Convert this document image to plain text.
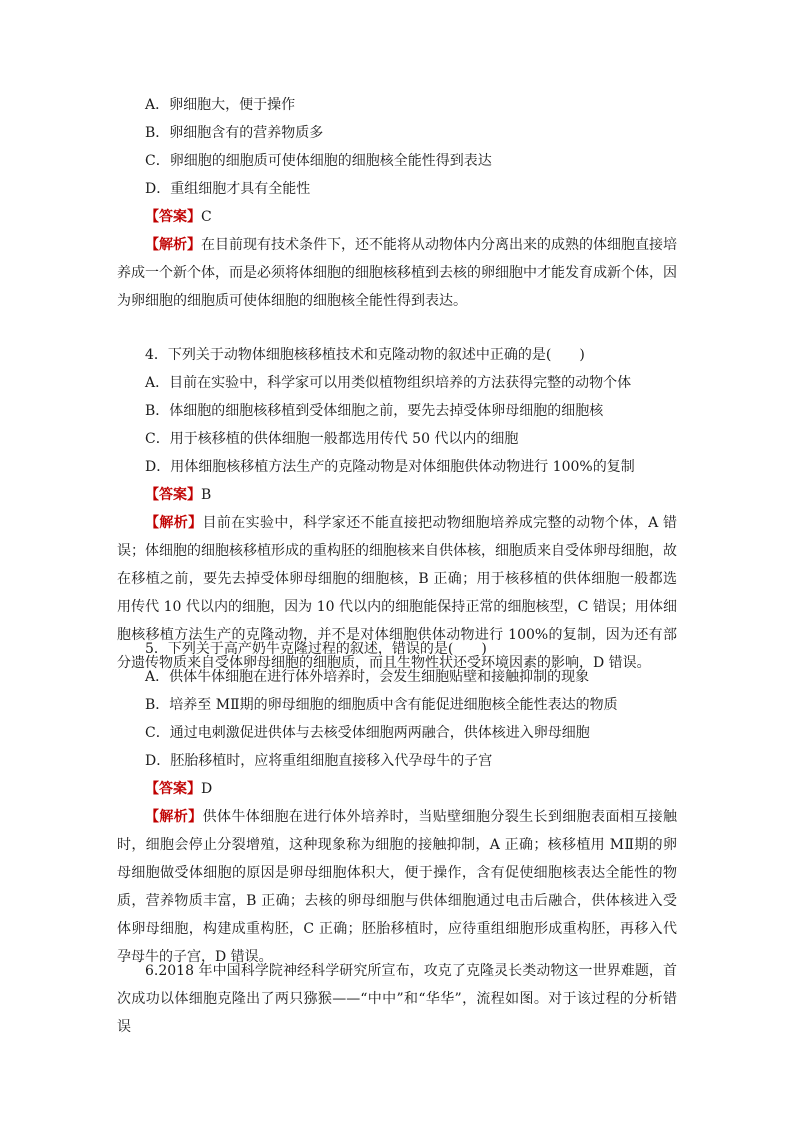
A．卵细胞大，便于操作
B．卵细胞含有的营养物质多
C．卵细胞的细胞质可使体细胞的细胞核全能性得到表达
D．重组细胞才具有全能性
【答案】C
【解析】在目前现有技术条件下，还不能将从动物体内分离出来的成熟的体细胞直接培养成一个新个体，而是必须将体细胞的细胞核移植到去核的卵细胞中才能发育成新个体，因为卵细胞的细胞质可使体细胞的细胞核全能性得到表达。
4．下列关于动物体细胞核移植技术和克隆动物的叙述中正确的是(　　)
A．目前在实验中，科学家可以用类似植物组织培养的方法获得完整的动物个体
B．体细胞的细胞核移植到受体细胞之前，要先去掉受体卵母细胞的细胞核
C．用于核移植的供体细胞一般都选用传代 50 代以内的细胞
D．用体细胞核移植方法生产的克隆动物是对体细胞供体动物进行 100%的复制
【答案】B
【解析】目前在实验中，科学家还不能直接把动物细胞培养成完整的动物个体，A 错误；体细胞的细胞核移植形成的重构胚的细胞核来自供体核，细胞质来自受体卵母细胞，故在移植之前，要先去掉受体卵母细胞的细胞核，B 正确；用于核移植的供体细胞一般都选用传代 10 代以内的细胞，因为 10 代以内的细胞能保持正常的细胞核型，C 错误；用体细胞核移植方法生产的克隆动物，并不是对体细胞供体动物进行 100%的复制，因为还有部分遗传物质来自受体卵母细胞的细胞质，而且生物性状还受环境因素的影响，D 错误。
5．下列关于高产奶牛克隆过程的叙述，错误的是(　　)
A．供体牛体细胞在进行体外培养时，会发生细胞贴壁和接触抑制的现象
B．培养至 MⅡ期的卵母细胞的细胞质中含有能促进细胞核全能性表达的物质
C．通过电刺激促进供体与去核受体细胞两两融合，供体核进入卵母细胞
D．胚胎移植时，应将重组细胞直接移入代孕母牛的子宫
【答案】D
【解析】供体牛体细胞在进行体外培养时，当贴壁细胞分裂生长到细胞表面相互接触时，细胞会停止分裂增殖，这种现象称为细胞的接触抑制，A 正确；核移植用 MⅡ期的卵母细胞做受体细胞的原因是卵母细胞体积大，便于操作，含有促使细胞核表达全能性的物质，营养物质丰富，B 正确；去核的卵母细胞与供体细胞通过电击后融合，供体核进入受体卵母细胞，构建成重构胚，C 正确；胚胎移植时，应待重组细胞形成重构胚，再移入代孕母牛的子宫，D 错误。
6.2018 年中国科学院神经科学研究所宣布，攻克了克隆灵长类动物这一世界难题，首次成功以体细胞克隆出了两只猕猴——“中中”和“华华”，流程如图。对于该过程的分析错误
